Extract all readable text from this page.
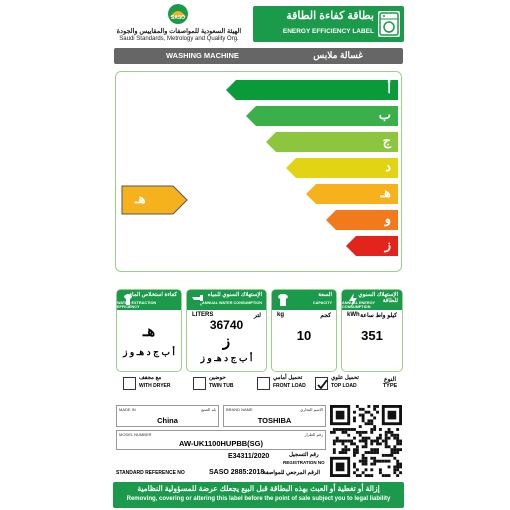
SASO
الهيئة السعودية للمواصفات والمقاييس والجودة
Saudi Standards, Metrology and Quality Org.
بطاقة كفاءة الطاقة
ENERGY EFFICIENCY LABEL
WASHING MACHINE	غسالة ملابس
هـ
أ
ب
ج
د
هـ
و
ز
كفاءة استخلاص الماء
WATER EXTRACTION EFFICIENCY
هـ
أ ب ج د هـ و ز
الإستهلاك السنوي للمياه
ANNUAL WATER CONSUMPTION
LITERS	لتر
36740
ز
أ ب ج د هـ و ز
السعة
CAPACITY
kg	كجم
10
الإستهلاك السنوي للطاقة
ANNUAL ENERGY CONSUMPTION
kWh كيلو واط ساعة
351
مع مجفف
WITH DRYER
حوضين
TWIN TUB
تحميل أمامي
FRONT LOAD
تحميل علوي
TOP LOAD
النوع
TYPE
MADE IN	بلد الصنع
China
BRAND NAME	الاسم التجاري
TOSHIBA
MODEL NUMBER	رقم الطراز
AW-UK1100HUPBB(SG)
E34311/2020	رقم التسجيل
REGISTRATION NO
STANDARD REFERENCE NO	SASO 2885:2018
الرقم المرجعي للمواصفة
إزالة أو تغطية أو العبث بهذه البطاقة قبل البيع يجعلك عرضة للمسؤولية النظامية
Removing, covering or altering this label before the point of sale subject you to legal liability
